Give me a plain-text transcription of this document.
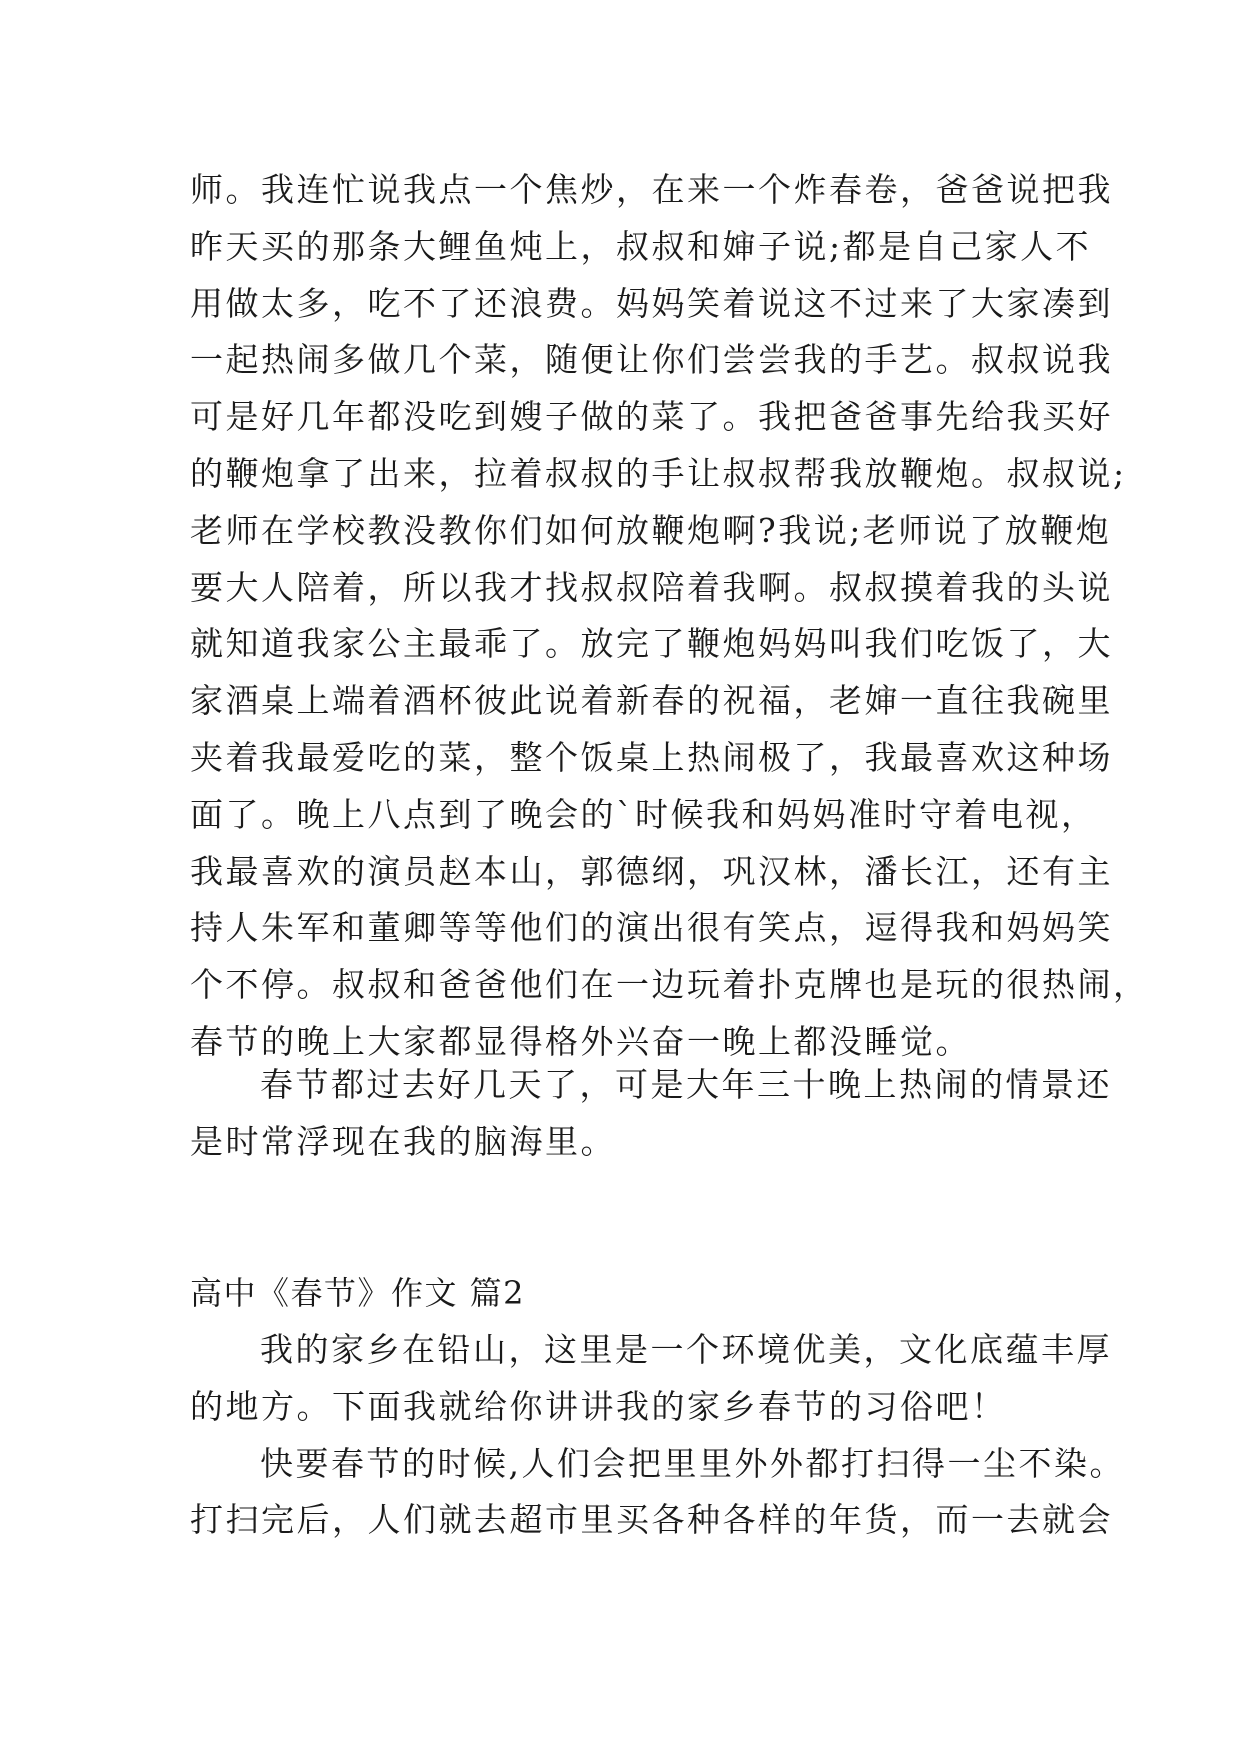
师。我连忙说我点一个焦炒，在来一个炸春卷，爸爸说把我
昨天买的那条大鲤鱼炖上，叔叔和婶子说;都是自己家人不
用做太多，吃不了还浪费。妈妈笑着说这不过来了大家凑到
一起热闹多做几个菜，随便让你们尝尝我的手艺。叔叔说我
可是好几年都没吃到嫂子做的菜了。我把爸爸事先给我买好
的鞭炮拿了出来，拉着叔叔的手让叔叔帮我放鞭炮。叔叔说;
老师在学校教没教你们如何放鞭炮啊?我说;老师说了放鞭炮
要大人陪着，所以我才找叔叔陪着我啊。叔叔摸着我的头说
就知道我家公主最乖了。放完了鞭炮妈妈叫我们吃饭了，大
家酒桌上端着酒杯彼此说着新春的祝福，老婶一直往我碗里
夹着我最爱吃的菜，整个饭桌上热闹极了，我最喜欢这种场
面了。晚上八点到了晚会的`时候我和妈妈准时守着电视，
我最喜欢的演员赵本山，郭德纲，巩汉林，潘长江，还有主
持人朱军和董卿等等他们的演出很有笑点，逗得我和妈妈笑
个不停。叔叔和爸爸他们在一边玩着扑克牌也是玩的很热闹，
春节的晚上大家都显得格外兴奋一晚上都没睡觉。
春节都过去好几天了，可是大年三十晚上热闹的情景还
是时常浮现在我的脑海里。
高中《春节》作文 篇2
我的家乡在铅山，这里是一个环境优美，文化底蕴丰厚
的地方。下面我就给你讲讲我的家乡春节的习俗吧！
快要春节的时候,人们会把里里外外都打扫得一尘不染。
打扫完后，人们就去超市里买各种各样的年货，而一去就会
